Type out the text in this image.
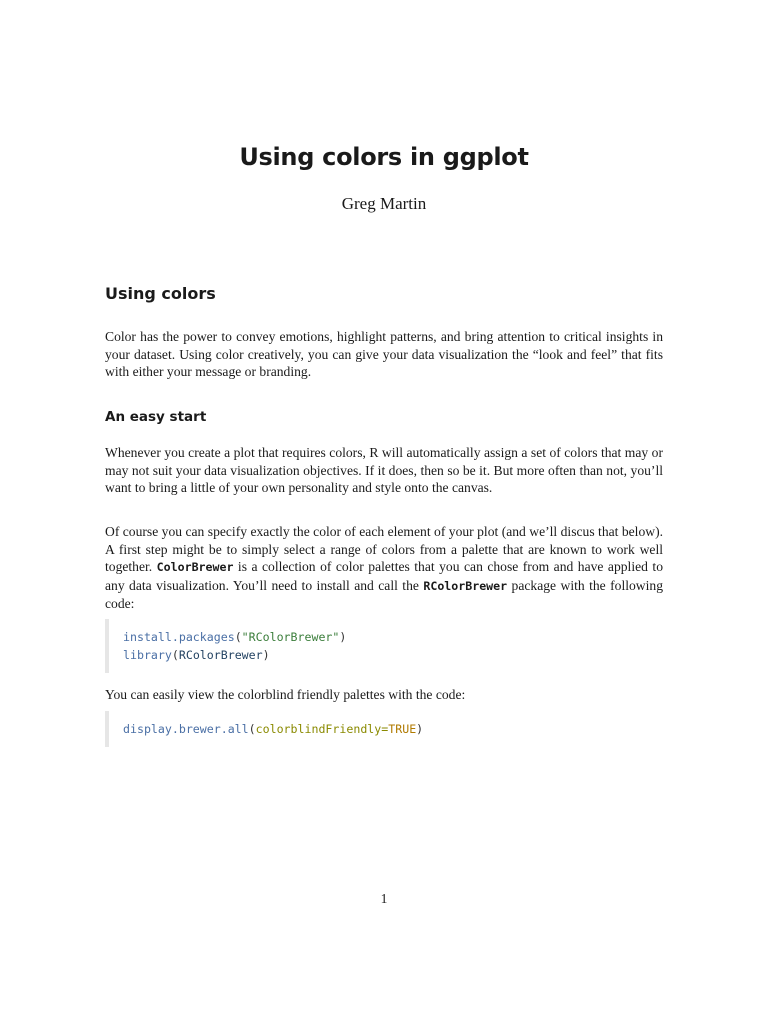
Using colors in ggplot
Greg Martin
Using colors

Color has the power to convey emotions, highlight patterns, and bring attention to critical insights in your dataset. Using color creatively, you can give your data visualization the “look and feel” that fits with either your message or branding.

An easy start

Whenever you create a plot that requires colors, R will automatically assign a set of colors that may or may not suit your data visualization objectives. If it does, then so be it. But more often than not, you’ll want to bring a little of your own personality and style onto the canvas.

Of course you can specify exactly the color of each element of your plot (and we’ll discus that below). A first step might be to simply select a range of colors from a palette that are known to work well together. ColorBrewer is a collection of color palettes that you can chose from and have applied to any data visualization. You’ll need to install and call the RColorBrewer package with the following code:

install.packages("RColorBrewer")
library(RColorBrewer)

You can easily view the colorblind friendly palettes with the code:

display.brewer.all(colorblindFriendly=TRUE)
1
